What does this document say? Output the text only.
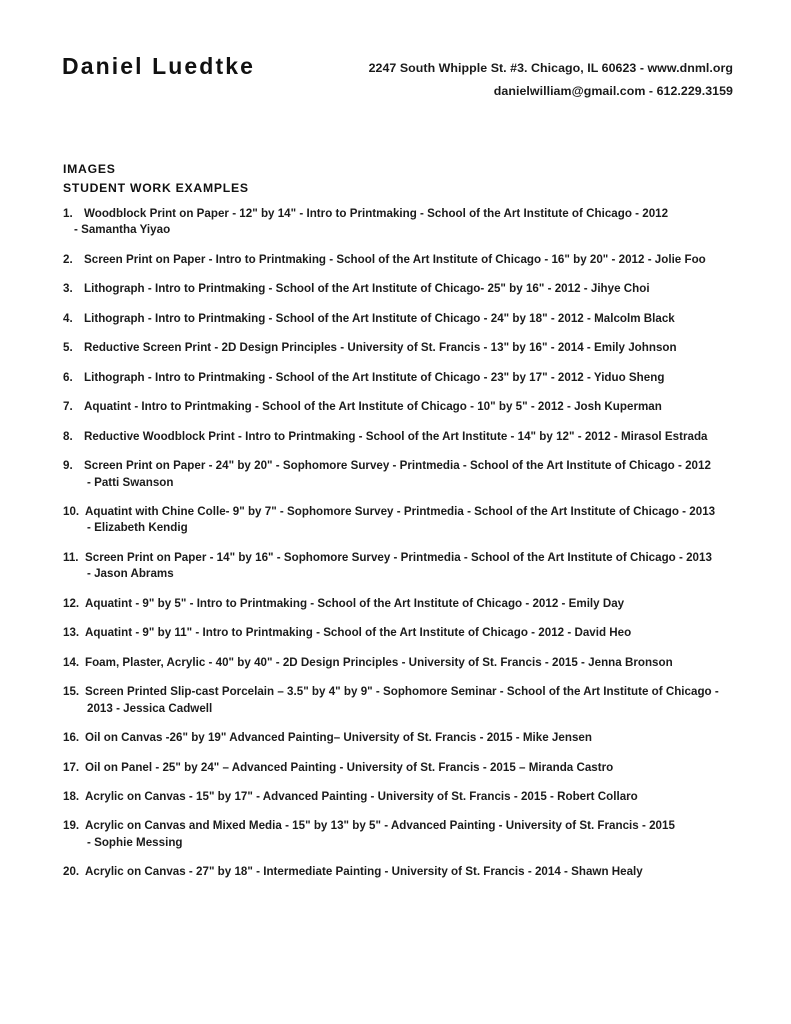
Daniel Luedtke	2247 South Whipple St. #3. Chicago, IL 60623 - www.dnml.org
danielwilliam@gmail.com - 612.229.3159
IMAGES
STUDENT WORK EXAMPLES
1. Woodblock Print on Paper - 12" by 14" - Intro to Printmaking - School of the Art Institute of Chicago - 2012
- Samantha Yiyao
2. Screen Print on Paper - Intro to Printmaking - School of the Art Institute of Chicago - 16" by 20" - 2012 - Jolie Foo
3. Lithograph - Intro to Printmaking - School of the Art Institute of Chicago- 25" by 16" - 2012 - Jihye Choi
4. Lithograph - Intro to Printmaking - School of the Art Institute of Chicago - 24" by 18" - 2012 - Malcolm Black
5. Reductive Screen Print - 2D Design Principles - University of St. Francis - 13" by 16" - 2014 - Emily Johnson
6. Lithograph - Intro to Printmaking - School of the Art Institute of Chicago - 23" by 17" - 2012 - Yiduo Sheng
7. Aquatint - Intro to Printmaking - School of the Art Institute of Chicago - 10" by 5" - 2012 - Josh Kuperman
8. Reductive Woodblock Print - Intro to Printmaking - School of the Art Institute - 14" by 12" - 2012 - Mirasol Estrada
9. Screen Print on Paper - 24" by 20" - Sophomore Survey - Printmedia - School of the Art Institute of Chicago - 2012
- Patti Swanson
10. Aquatint with Chine Colle- 9" by 7" - Sophomore Survey - Printmedia - School of the Art Institute of Chicago - 2013
- Elizabeth Kendig
11. Screen Print on Paper - 14" by 16" - Sophomore Survey - Printmedia - School of the Art Institute of Chicago - 2013
- Jason Abrams
12. Aquatint - 9" by 5" - Intro to Printmaking - School of the Art Institute of Chicago - 2012 - Emily Day
13. Aquatint - 9" by 11" - Intro to Printmaking - School of the Art Institute of Chicago - 2012 - David Heo
14. Foam, Plaster, Acrylic - 40" by 40" - 2D Design Principles - University of St. Francis - 2015 - Jenna Bronson
15. Screen Printed Slip-cast Porcelain – 3.5" by 4" by 9" - Sophomore Seminar - School of the Art Institute of Chicago -
2013 - Jessica Cadwell
16. Oil on Canvas -26" by 19" Advanced Painting– University of St. Francis - 2015 - Mike Jensen
17. Oil on Panel - 25" by 24" – Advanced Painting - University of St. Francis - 2015 – Miranda Castro
18. Acrylic on Canvas - 15" by 17" - Advanced Painting - University of St. Francis - 2015 - Robert Collaro
19. Acrylic on Canvas and Mixed Media - 15" by 13" by 5" - Advanced Painting - University of St. Francis - 2015
- Sophie Messing
20. Acrylic on Canvas - 27" by 18" - Intermediate Painting - University of St. Francis - 2014 - Shawn Healy
